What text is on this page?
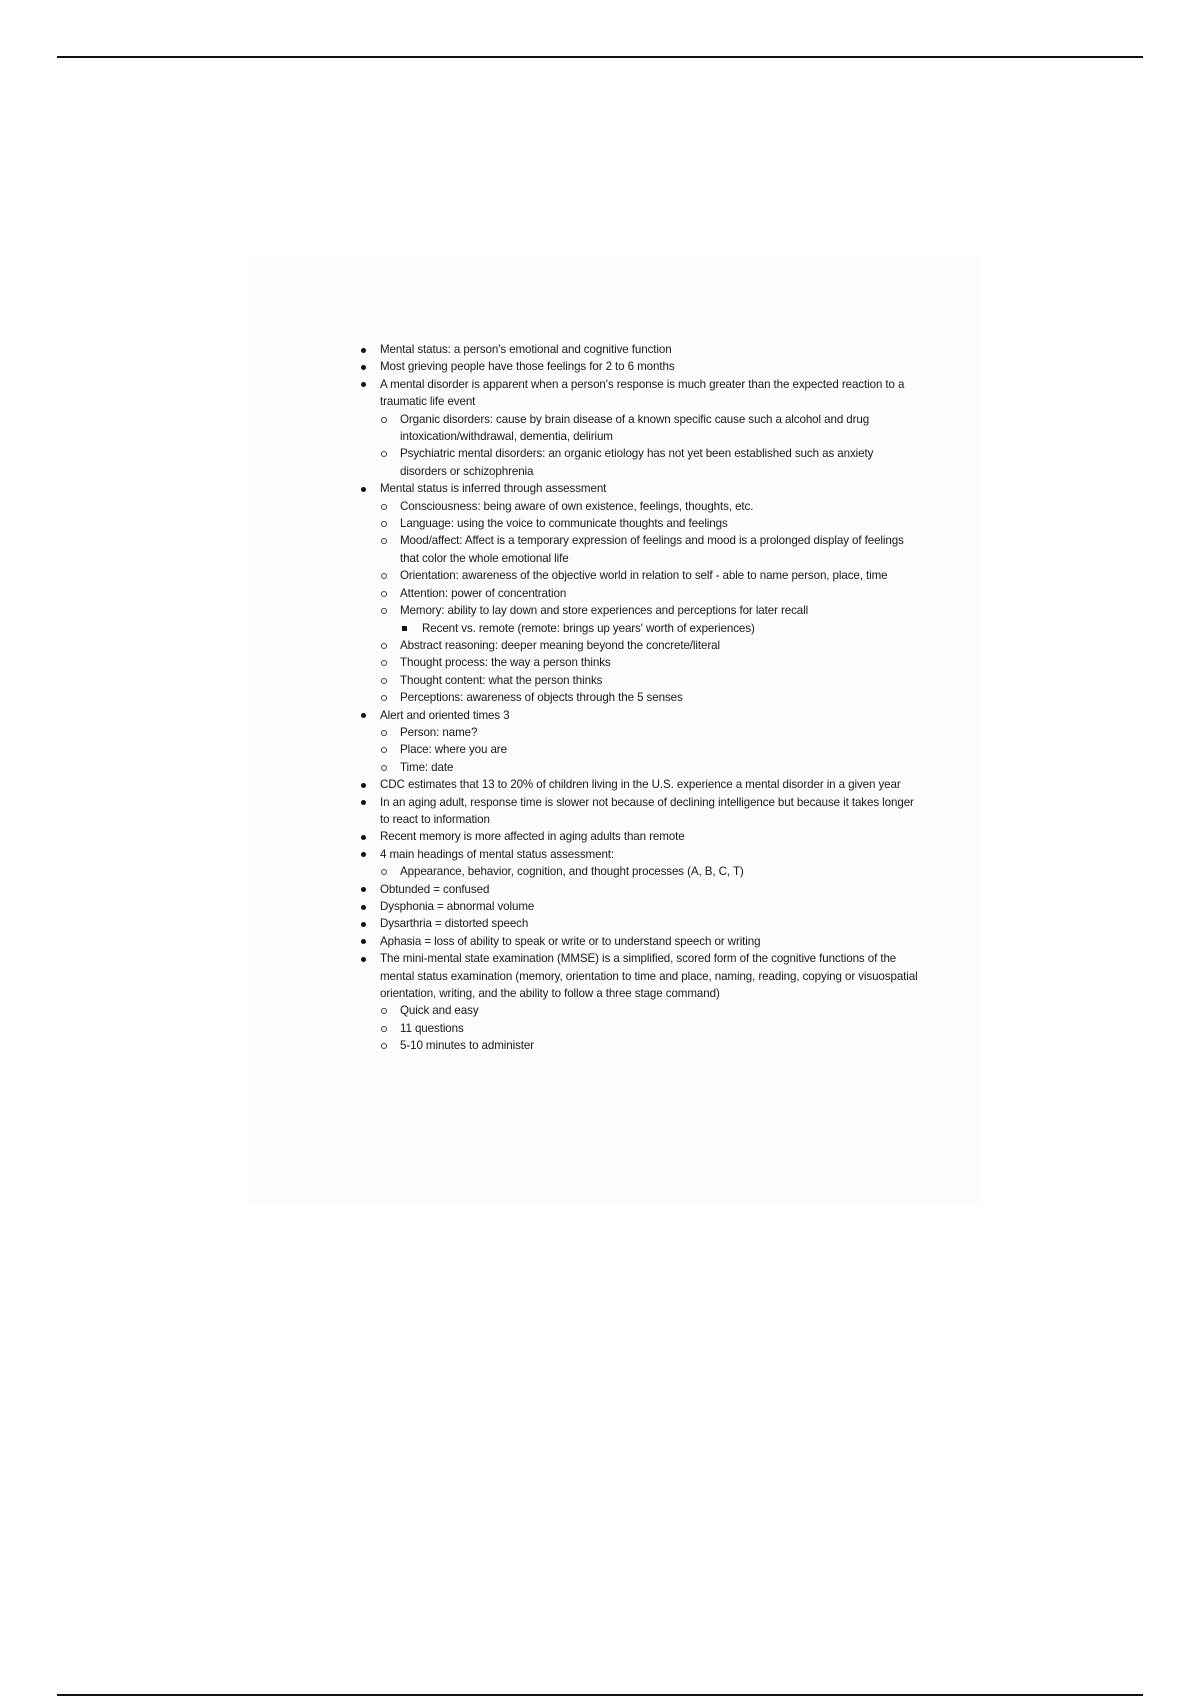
Mental status: a person's emotional and cognitive function
Most grieving people have those feelings for 2 to 6 months
A mental disorder is apparent when a person's response is much greater than the expected reaction to a traumatic life event
Organic disorders: cause by brain disease of a known specific cause such a alcohol and drug intoxication/withdrawal, dementia, delirium
Psychiatric mental disorders: an organic etiology has not yet been established such as anxiety disorders or schizophrenia
Mental status is inferred through assessment
Consciousness: being aware of own existence, feelings, thoughts, etc.
Language: using the voice to communicate thoughts and feelings
Mood/affect: Affect is a temporary expression of feelings and mood is a prolonged display of feelings that color the whole emotional life
Orientation: awareness of the objective world in relation to self - able to name person, place, time
Attention: power of concentration
Memory: ability to lay down and store experiences and perceptions for later recall
Recent vs. remote (remote: brings up years' worth of experiences)
Abstract reasoning: deeper meaning beyond the concrete/literal
Thought process: the way a person thinks
Thought content: what the person thinks
Perceptions: awareness of objects through the 5 senses
Alert and oriented times 3
Person: name?
Place: where you are
Time: date
CDC estimates that 13 to 20% of children living in the U.S. experience a mental disorder in a given year
In an aging adult, response time is slower not because of declining intelligence but because it takes longer to react to information
Recent memory is more affected in aging adults than remote
4 main headings of mental status assessment:
Appearance, behavior, cognition, and thought processes (A, B, C, T)
Obtunded = confused
Dysphonia = abnormal volume
Dysarthria = distorted speech
Aphasia = loss of ability to speak or write or to understand speech or writing
The mini-mental state examination (MMSE) is a simplified, scored form of the cognitive functions of the mental status examination (memory, orientation to time and place, naming, reading, copying or visuospatial orientation, writing, and the ability to follow a three stage command)
Quick and easy
11 questions
5-10 minutes to administer
